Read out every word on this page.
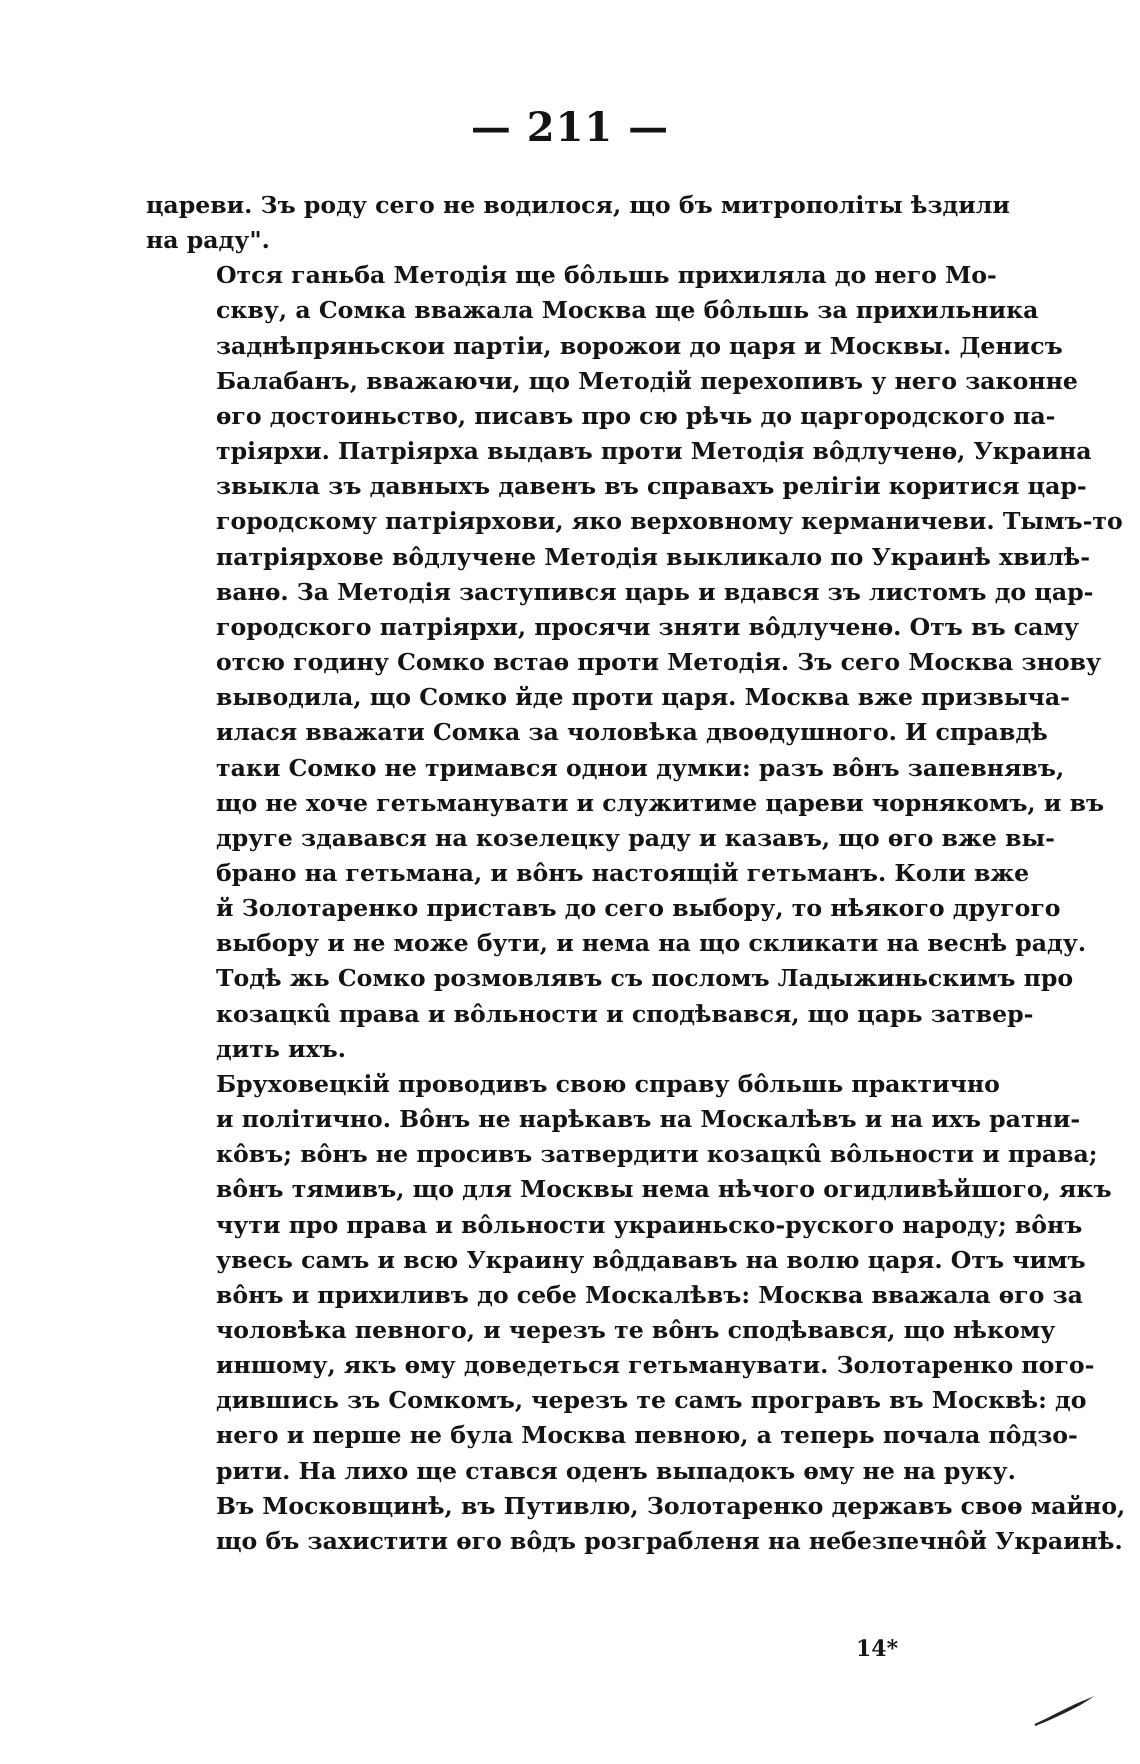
— 211 —

цареви. Зъ роду сего не водилося, що бъ митрополіты ѣздили
на раду".

Отся ганьба Методія ще бôльшь прихиляла до него Мо-
скву, а Сомка вважала Москва ще бôльшь за прихильника
заднѣпряньскои партіи, ворожои до царя и Москвы. Денисъ
Балабанъ, вважаючи, що Методій перехопивъ у него законне
ѳго достоиньство, писавъ про сю рѣчь до царгородского па-
тріярхи. Патріярха выдавъ проти Методія вôдлученѳ, Украина
звыкла зъ давныхъ давенъ въ справахъ релігіи коритися цар-
городскому патріярхови, яко верховному керманичеви. Тымъ-то
патріярхове вôдлучене Методія выкликало по Украинѣ хвилѣ-
ванѳ. За Методія заступився царь и вдався зъ листомъ до цар-
городского патріярхи, просячи зняти вôдлученѳ. Отъ въ саму
отсю годину Сомко встаѳ проти Методія. Зъ сего Москва знову
выводила, що Сомко йде проти царя. Москва вже призвыча-
илася вважати Сомка за чоловѣка двоѳдушного. И справдѣ
таки Сомко не тримався однои думки: разъ вôнъ запевнявъ,
що не хоче гетьманувати и служитиме цареви чорнякомъ, и въ
друге здавався на козелецку раду и казавъ, що ѳго вже вы-
брано на гетьмана, и вôнъ настоящій гетьманъ. Коли вже
й Золотаренко приставъ до сего выбору, то нѣякого другого
выбору и не може бути, и нема на що скликати на веснѣ раду.
Тодѣ жь Сомко розмовлявъ съ посломъ Ладыжиньскимъ про
козацкû права и вôльности и сподѣвався, що царь затвер-
дить ихъ.

Бруховецкій проводивъ свою справу бôльшь практично
и політично. Вôнъ не нарѣкавъ на Москалѣвъ и на ихъ ратни-
кôвъ; вôнъ не просивъ затвердити козацкû вôльности и права;
вôнъ тямивъ, що для Москвы нема нѣчого огидливѣйшого, якъ
чути про права и вôльности украиньско-руского народу; вôнъ
увесь самъ и всю Украину вôддававъ на волю царя. Отъ чимъ
вôнъ и прихиливъ до себе Москалѣвъ: Москва вважала ѳго за
чоловѣка певного, и черезъ те вôнъ сподѣвався, що нѣкому
иншому, якъ ѳму доведеться гетьманувати. Золотаренко пого-
дившись зъ Сомкомъ, черезъ те самъ програвъ въ Москвѣ: до
него и перше не була Москва певною, а теперь почала пôдзо-
рити. На лихо ще стався оденъ выпадокъ ѳму не на руку.
Въ Московщинѣ, въ Путивлю, Золотаренко державъ своѳ майно,
що бъ захистити ѳго вôдъ розграбленя на небезпечнôй Украинѣ.

14*
